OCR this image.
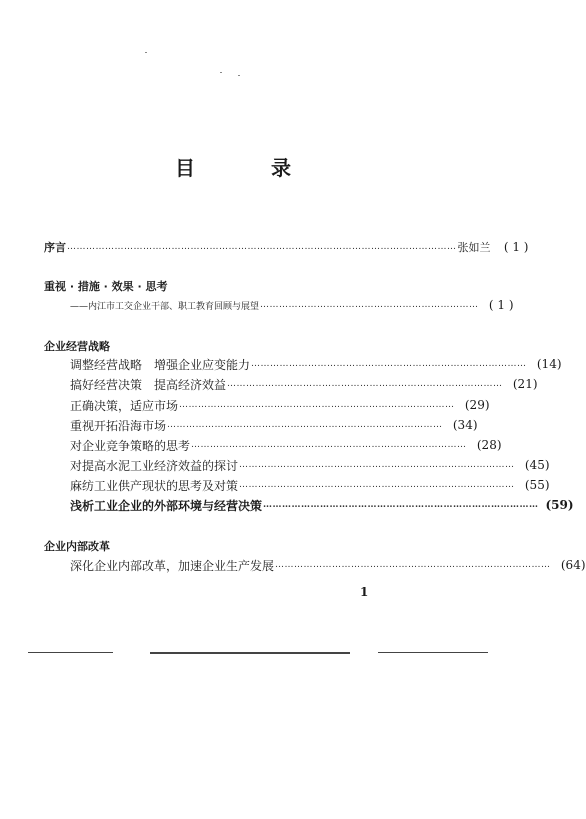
目　录
序言 …………………………………………………………………………………………………………… 张如兰	( 1 )
重视 · 措施 · 效果 · 思考
——内江市工交企业干部、职工教育回顾与展望 …………………………………………………………… ( 1 )
企业经营战略
调整经营战略　增强企业应变能力 …………………………………………………………………………… (14)
搞好经营决策　提高经济效益 …………………………………………………………………………… (21)
正确决策，适应市场 …………………………………………………………………………… (29)
重视开拓沿海市场 …………………………………………………………………………… (34)
对企业竞争策略的思考 …………………………………………………………………………… (28)
对提高水泥工业经济效益的探讨 …………………………………………………………………………… (45)
麻纺工业供产现状的思考及对策 …………………………………………………………………………… (55)
浅析工业企业的外部环境与经营决策 …………………………………………………………………………… (59)
企业内部改革
深化企业内部改革，加速企业生产发展 …………………………………………………………………………… (64)
1
